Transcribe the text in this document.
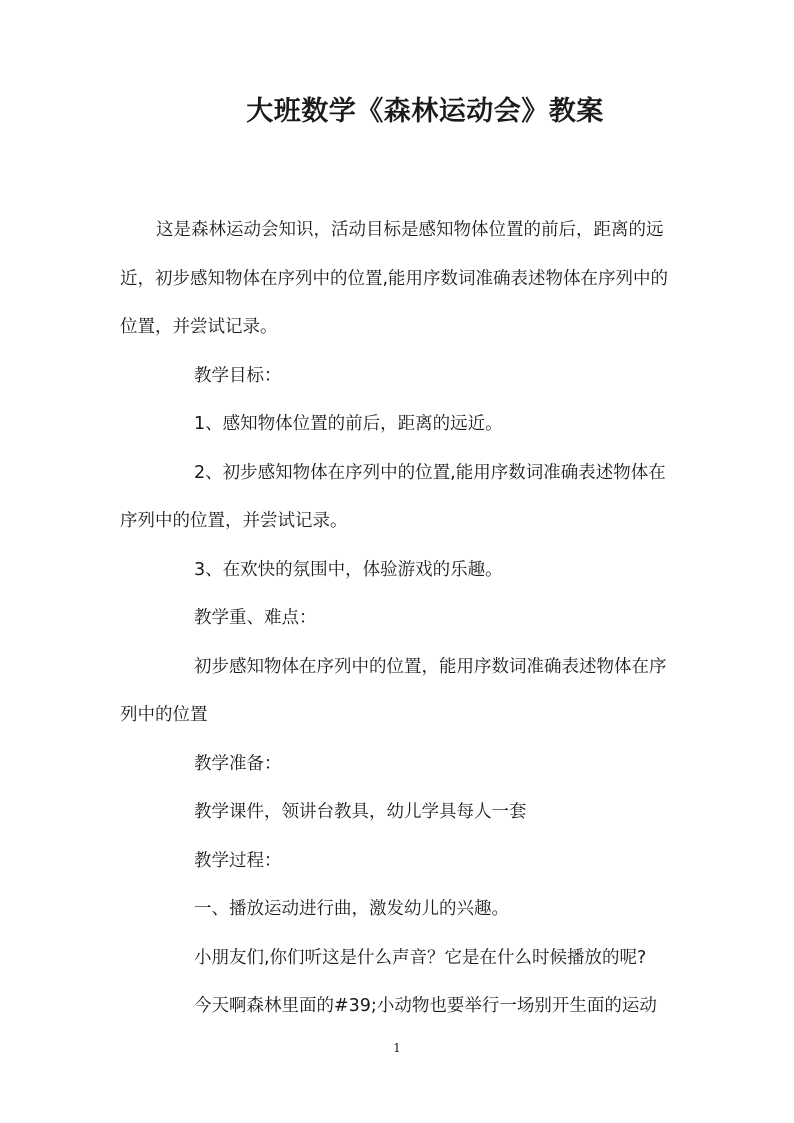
大班数学《森林运动会》教案

这是森林运动会知识，活动目标是感知物体位置的前后，距离的远近，初步感知物体在序列中的位置,能用序数词准确表述物体在序列中的位置，并尝试记录。

教学目标：

1、感知物体位置的前后，距离的远近。

2、初步感知物体在序列中的位置,能用序数词准确表述物体在序列中的位置，并尝试记录。

3、在欢快的氛围中，体验游戏的乐趣。

教学重、难点：

初步感知物体在序列中的位置，能用序数词准确表述物体在序列中的位置

教学准备：

教学课件，领讲台教具，幼儿学具每人一套

教学过程：

一、播放运动进行曲，激发幼儿的兴趣。

小朋友们,你们听这是什么声音？它是在什么时候播放的呢?

今天啊森林里面的#39;小动物也要举行一场别开生面的运动

1
